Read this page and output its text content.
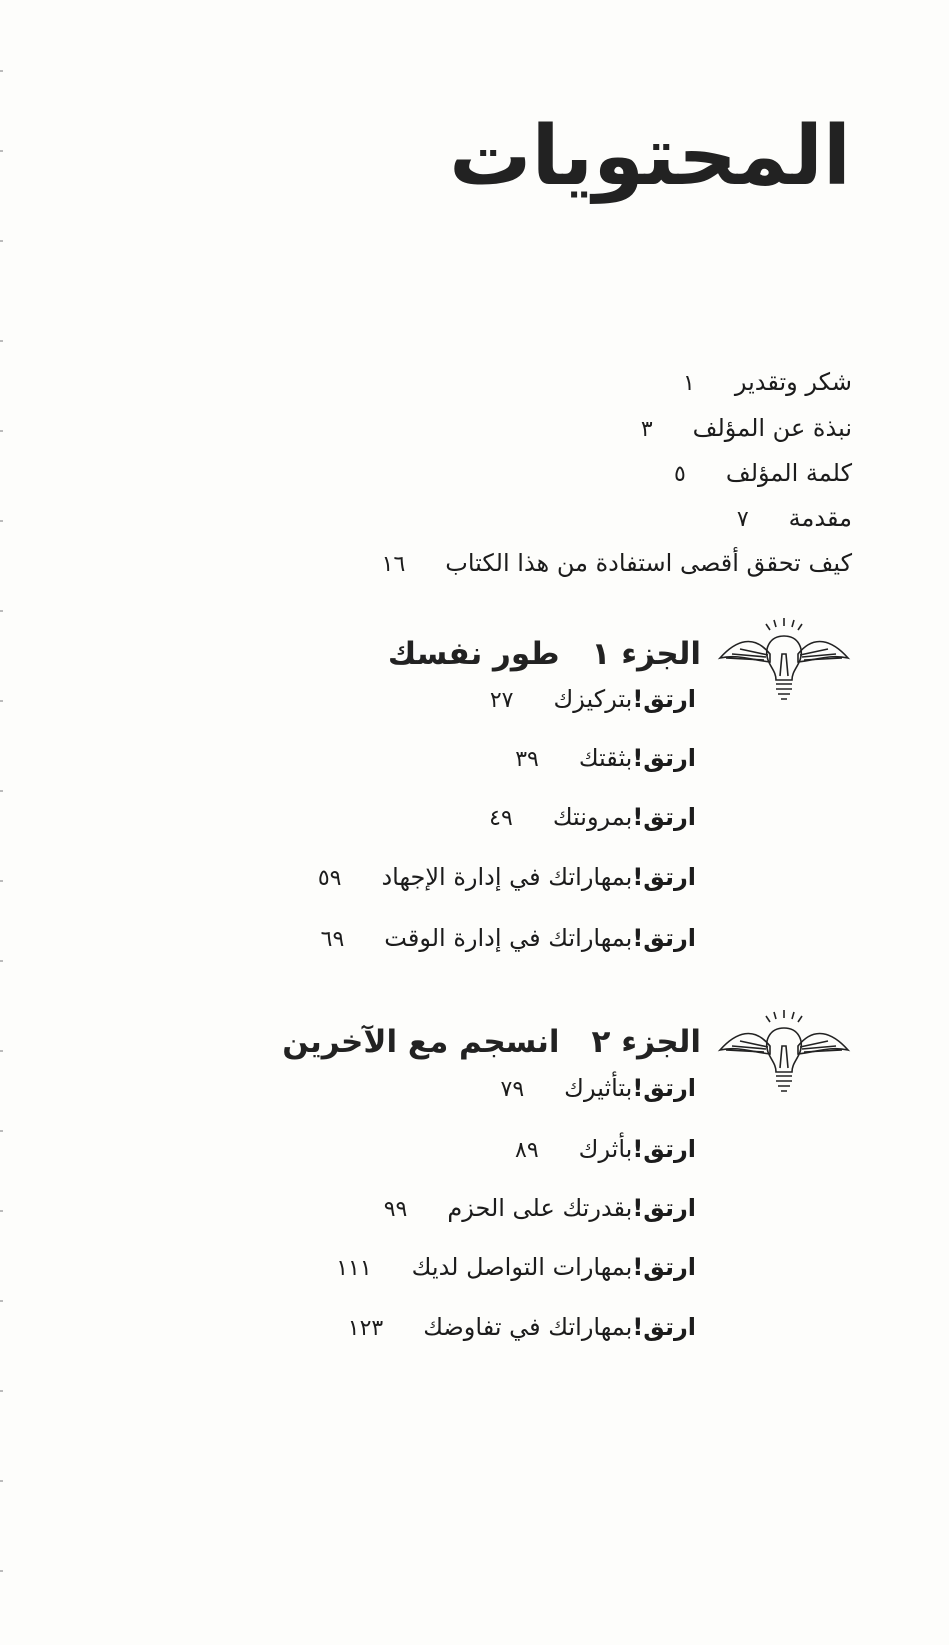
المحتويات
شكر وتقدير
١
نبذة عن المؤلف
٣
كلمة المؤلف
٥
مقدمة
٧
كيف تحقق أقصى استفادة من هذا الكتاب
١٦
الجزء ١طور نفسك
ارتق!
بتركيزك
٢٧
ارتق!
بثقتك
٣٩
ارتق!
بمرونتك
٤٩
ارتق!
بمهاراتك في إدارة الإجهاد
٥٩
ارتق!
بمهاراتك في إدارة الوقت
٦٩
الجزء ٢انسجم مع الآخرين
ارتق!
بتأثيرك
٧٩
ارتق!
بأثرك
٨٩
ارتق!
بقدرتك على الحزم
٩٩
ارتق!
بمهارات التواصل لديك
١١١
ارتق!
بمهاراتك في تفاوضك
١٢٣
